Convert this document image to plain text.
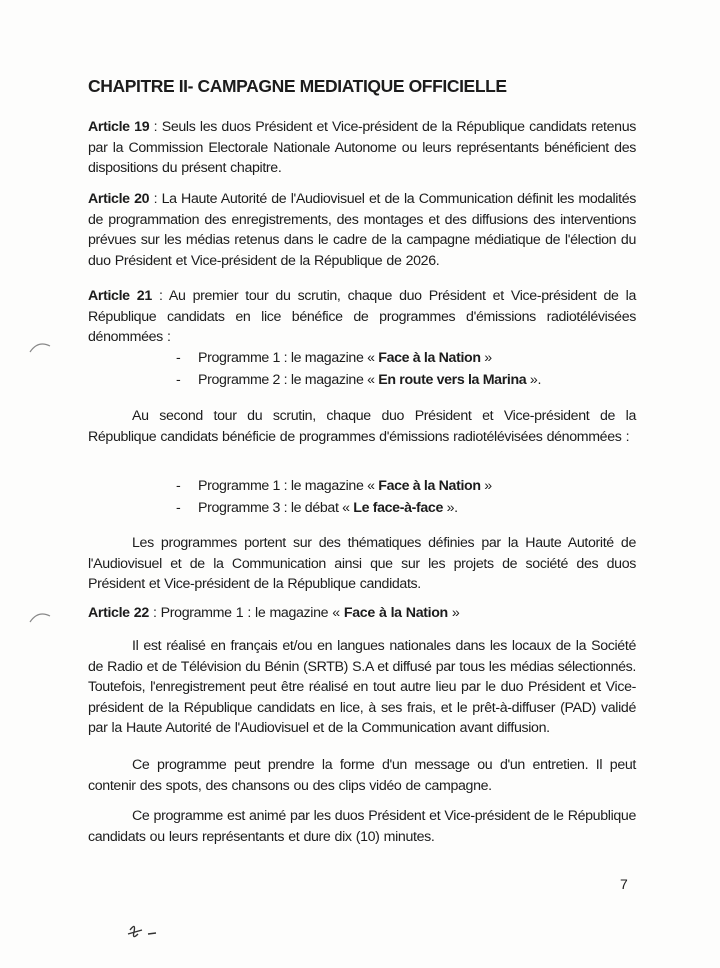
CHAPITRE II- CAMPAGNE MEDIATIQUE OFFICIELLE
Article 19 : Seuls les duos Président et Vice-président de la République candidats retenus par la Commission Electorale Nationale Autonome ou leurs représentants bénéficient des dispositions du présent chapitre.
Article 20 : La Haute Autorité de l'Audiovisuel et de la Communication définit les modalités de programmation des enregistrements, des montages et des diffusions des interventions prévues sur les médias retenus dans le cadre de la campagne médiatique de l'élection du duo Président et Vice-président de la République de 2026.
Article 21 : Au premier tour du scrutin, chaque duo Président et Vice-président de la République candidats en lice bénéfice de programmes d'émissions radiotélévisées dénommées :
- Programme 1 : le magazine « Face à la Nation »
- Programme 2 : le magazine « En route vers la Marina ».
Au second tour du scrutin, chaque duo Président et Vice-président de la République candidats bénéficie de programmes d'émissions radiotélévisées dénommées :
- Programme 1 : le magazine « Face à la Nation »
- Programme 3 : le débat « Le face-à-face ».
Les programmes portent sur des thématiques définies par la Haute Autorité de l'Audiovisuel et de la Communication ainsi que sur les projets de société des duos Président et Vice-président de la République candidats.
Article 22 : Programme 1 : le magazine « Face à la Nation »
Il est réalisé en français et/ou en langues nationales dans les locaux de la Société de Radio et de Télévision du Bénin (SRTB) S.A et diffusé par tous les médias sélectionnés. Toutefois, l'enregistrement peut être réalisé en tout autre lieu par le duo Président et Vice-président de la République candidats en lice, à ses frais, et le prêt-à-diffuser (PAD) validé par la Haute Autorité de l'Audiovisuel et de la Communication avant diffusion.
Ce programme peut prendre la forme d'un message ou d'un entretien. Il peut contenir des spots, des chansons ou des clips vidéo de campagne.
Ce programme est animé par les duos Président et Vice-président de le République candidats ou leurs représentants et dure dix (10) minutes.
7
